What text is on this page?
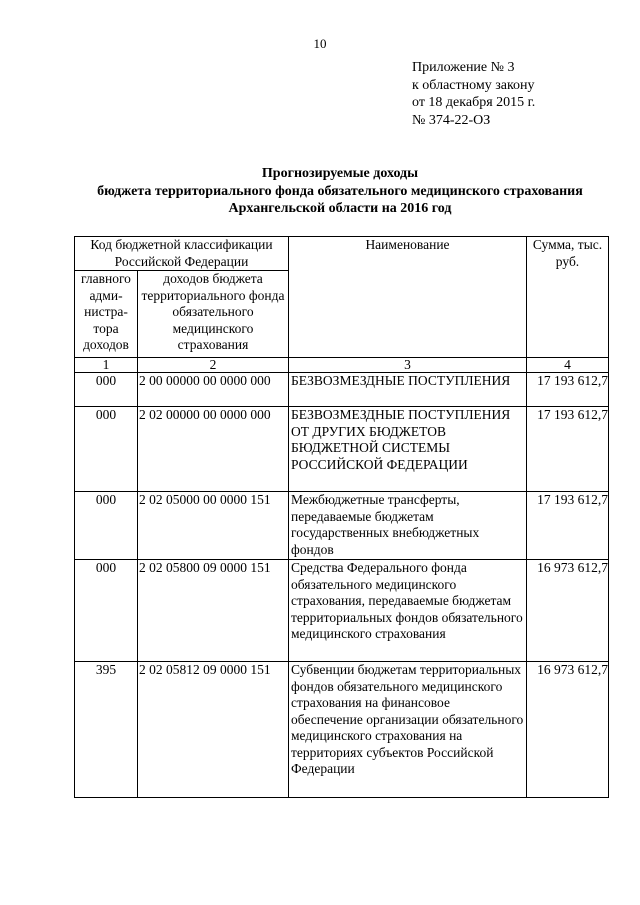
10
Приложение № 3
к областному закону
от 18 декабря 2015 г.
№ 374-22-ОЗ
Прогнозируемые доходы
бюджета территориального фонда обязательного медицинского страхования
Архангельской области на 2016 год
Код бюджетной классификации Российской Федерации		Наименование	Сумма, тыс. руб.
главного адми-нистра-тора доходов	доходов бюджета территориального фонда обязательного медицинского страхования		
1	2	3	4
000	2 00 00000 00 0000 000	БЕЗВОЗМЕЗДНЫЕ ПОСТУПЛЕНИЯ	17 193 612,7
000	2 02 00000 00 0000 000	БЕЗВОЗМЕЗДНЫЕ ПОСТУПЛЕНИЯ ОТ ДРУГИХ БЮДЖЕТОВ БЮДЖЕТНОЙ СИСТЕМЫ РОССИЙСКОЙ ФЕДЕРАЦИИ	17 193 612,7
000	2 02 05000 00 0000 151	Межбюджетные трансферты, передаваемые бюджетам государственных внебюджетных фондов	17 193 612,7
000	2 02 05800 09 0000 151	Средства Федерального фонда обязательного медицинского страхования, передаваемые бюджетам территориальных фондов обязательного медицинского страхования	16 973 612,7
395	2 02 05812 09 0000 151	Субвенции бюджетам территориальных фондов обязательного медицинского страхования на финансовое обеспечение организации обязательного медицинского страхования на территориях субъектов Российской Федерации	16 973 612,7
